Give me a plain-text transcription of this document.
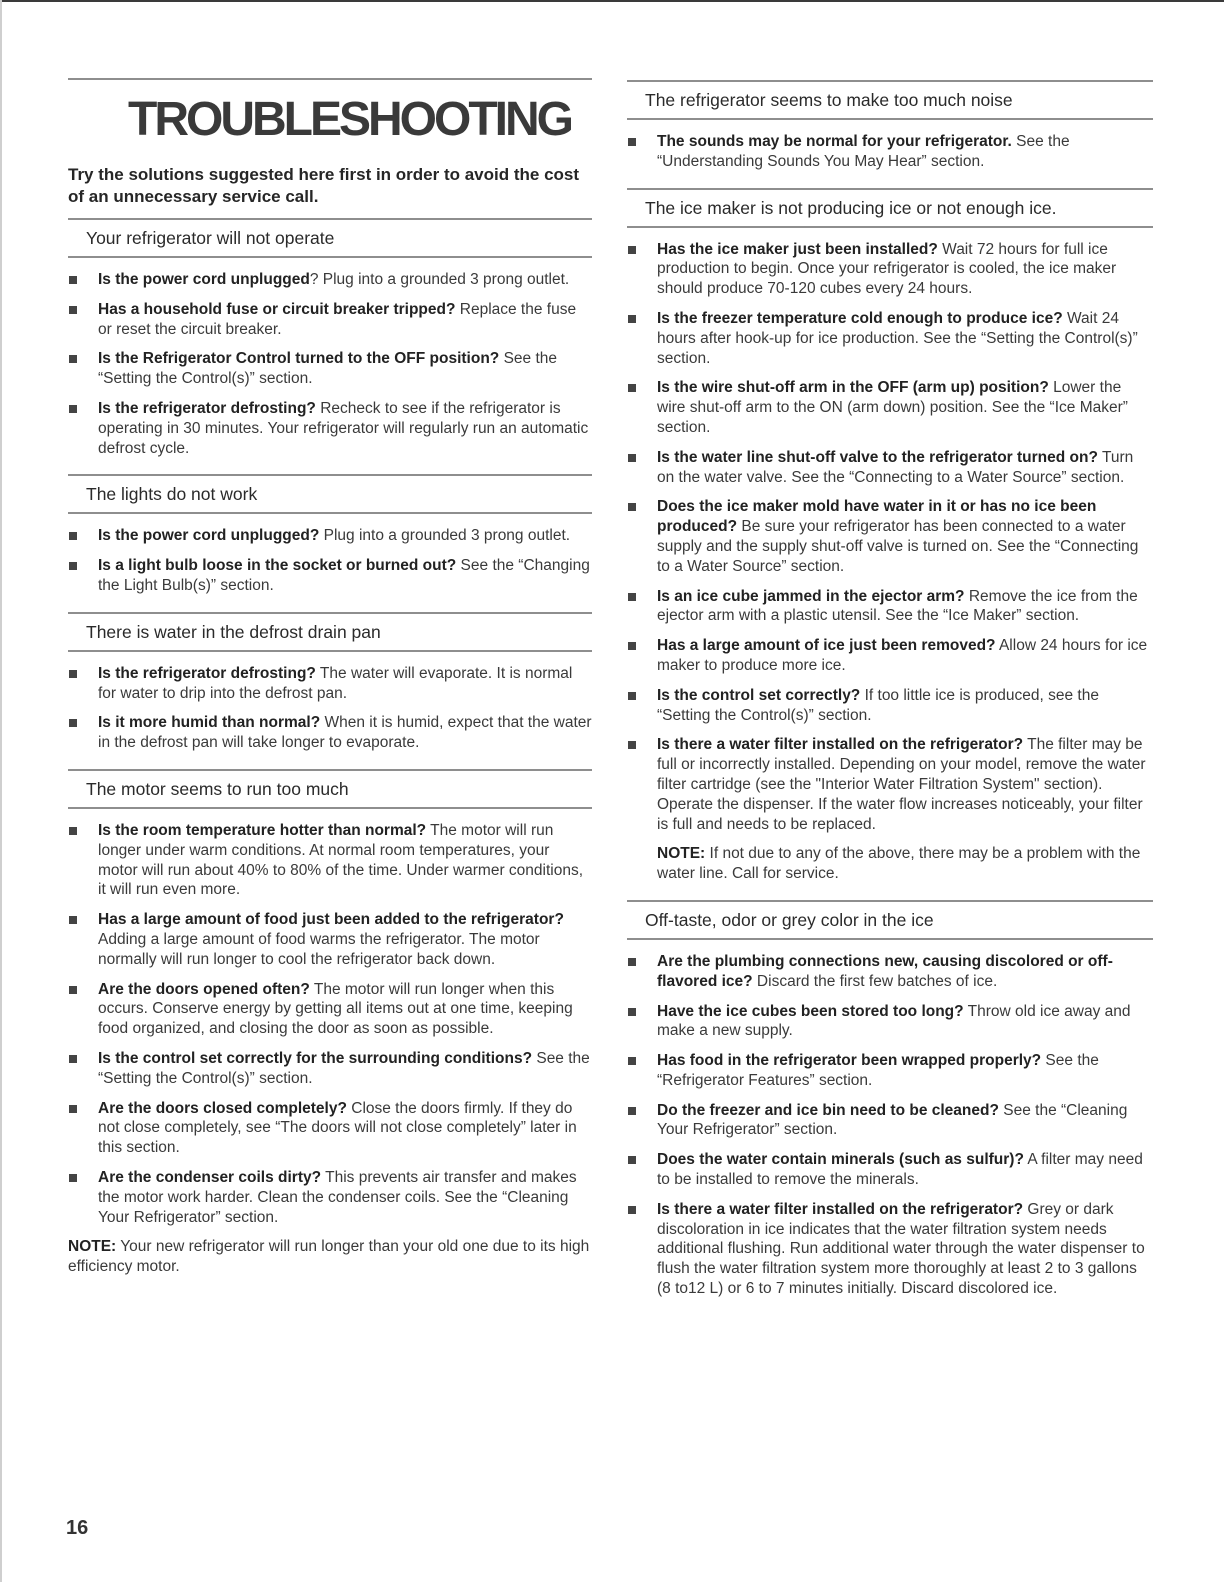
TROUBLESHOOTING
Try the solutions suggested here first in order to avoid the cost of an unnecessary service call.
Your refrigerator will not operate
Is the power cord unplugged? Plug into a grounded 3 prong outlet.
Has a household fuse or circuit breaker tripped? Replace the fuse or reset the circuit breaker.
Is the Refrigerator Control turned to the OFF position? See the “Setting the Control(s)” section.
Is the refrigerator defrosting? Recheck to see if the refrigerator is operating in 30 minutes. Your refrigerator will regularly run an automatic defrost cycle.
The lights do not work
Is the power cord unplugged? Plug into a grounded 3 prong outlet.
Is a light bulb loose in the socket or burned out? See the “Changing the Light Bulb(s)” section.
There is water in the defrost drain pan
Is the refrigerator defrosting? The water will evaporate. It is normal for water to drip into the defrost pan.
Is it more humid than normal? When it is humid, expect that the water in the defrost pan will take longer to evaporate.
The motor seems to run too much
Is the room temperature hotter than normal? The motor will run longer under warm conditions. At normal room temperatures, your motor will run about 40% to 80% of the time. Under warmer conditions, it will run even more.
Has a large amount of food just been added to the refrigerator? Adding a large amount of food warms the refrigerator. The motor normally will run longer to cool the refrigerator back down.
Are the doors opened often? The motor will run longer when this occurs. Conserve energy by getting all items out at one time, keeping food organized, and closing the door as soon as possible.
Is the control set correctly for the surrounding conditions? See the “Setting the Control(s)” section.
Are the doors closed completely? Close the doors firmly. If they do not close completely, see “The doors will not close completely” later in this section.
Are the condenser coils dirty? This prevents air transfer and makes the motor work harder. Clean the condenser coils. See the “Cleaning Your Refrigerator” section.
NOTE: Your new refrigerator will run longer than your old one due to its high efficiency motor.
The refrigerator seems to make too much noise
The sounds may be normal for your refrigerator. See the “Understanding Sounds You May Hear” section.
The ice maker is not producing ice or not enough ice.
Has the ice maker just been installed? Wait 72 hours for full ice production to begin. Once your refrigerator is cooled, the ice maker should produce 70-120 cubes every 24 hours.
Is the freezer temperature cold enough to produce ice? Wait 24 hours after hook-up for ice production. See the “Setting the Control(s)” section.
Is the wire shut-off arm in the OFF (arm up) position? Lower the wire shut-off arm to the ON (arm down) position. See the “Ice Maker” section.
Is the water line shut-off valve to the refrigerator turned on? Turn on the water valve. See the “Connecting to a Water Source” section.
Does the ice maker mold have water in it or has no ice been produced? Be sure your refrigerator has been connected to a water supply and the supply shut-off valve is turned on. See the “Connecting to a Water Source” section.
Is an ice cube jammed in the ejector arm? Remove the ice from the ejector arm with a plastic utensil. See the “Ice Maker” section.
Has a large amount of ice just been removed? Allow 24 hours for ice maker to produce more ice.
Is the control set correctly? If too little ice is produced, see the “Setting the Control(s)” section.
Is there a water filter installed on the refrigerator? The filter may be full or incorrectly installed. Depending on your model, remove the water filter cartridge (see the "Interior Water Filtration System" section). Operate the dispenser. If the water flow increases noticeably, your filter is full and needs to be replaced.
NOTE: If not due to any of the above, there may be a problem with the water line. Call for service.
Off-taste, odor or grey color in the ice
Are the plumbing connections new, causing discolored or off-flavored ice? Discard the first few batches of ice.
Have the ice cubes been stored too long? Throw old ice away and make a new supply.
Has food in the refrigerator been wrapped properly? See the “Refrigerator Features” section.
Do the freezer and ice bin need to be cleaned? See the “Cleaning Your Refrigerator” section.
Does the water contain minerals (such as sulfur)? A filter may need to be installed to remove the minerals.
Is there a water filter installed on the refrigerator? Grey or dark discoloration in ice indicates that the water filtration system needs additional flushing. Run additional water through the water dispenser to flush the water filtration system more thoroughly at least 2 to 3 gallons (8 to12 L) or 6 to 7 minutes initially. Discard discolored ice.
16
